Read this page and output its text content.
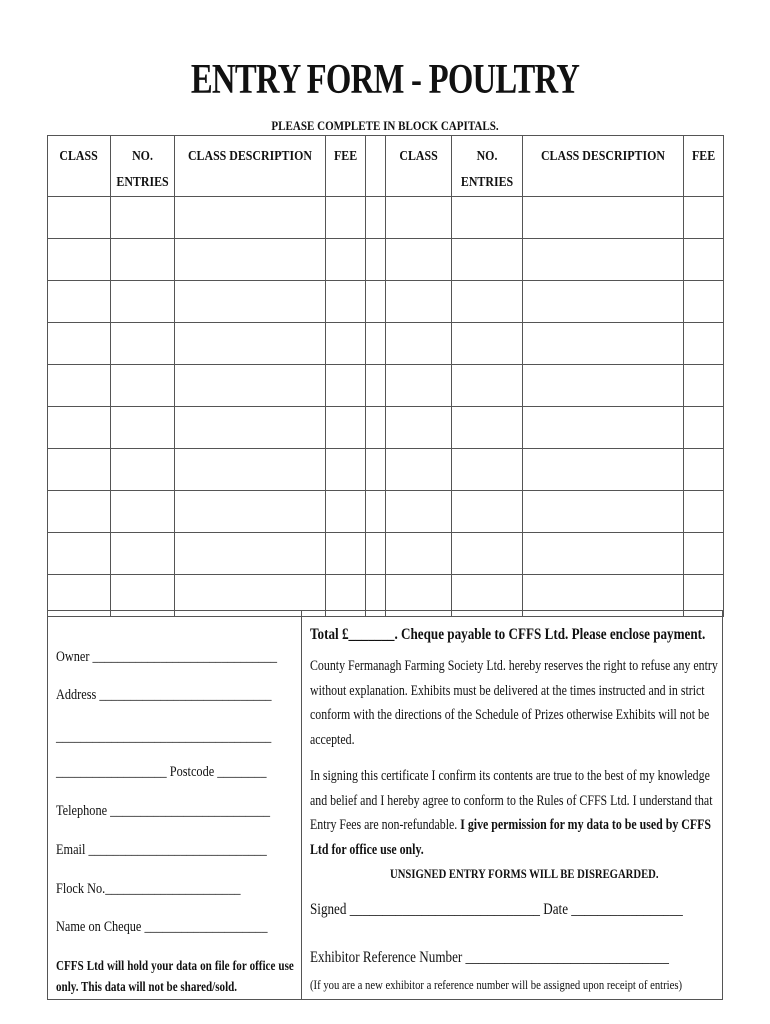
ENTRY FORM - POULTRY
PLEASE COMPLETE IN BLOCK CAPITALS.
CLASS	NO. ENTRIES	CLASS DESCRIPTION	FEE		CLASS	NO. ENTRIES	CLASS DESCRIPTION	FEE

Owner ______________________________
Address ____________________________
___________________________________
__________________ Postcode ________
Telephone __________________________
Email _____________________________
Flock No.______________________
Name on Cheque ____________________
CFFS Ltd will hold your data on file for office use only. This data will not be shared/sold.
Total £_______. Cheque payable to CFFS Ltd. Please enclose payment.
County Fermanagh Farming Society Ltd. hereby reserves the right to refuse any entry without explanation. Exhibits must be delivered at the times instructed and in strict conform with the directions of the Schedule of Prizes otherwise Exhibits will not be accepted.
In signing this certificate I confirm its contents are true to the best of my knowledge and belief and I hereby agree to conform to the Rules of CFFS Ltd. I understand that Entry Fees are non-refundable. I give permission for my data to be used by CFFS Ltd for office use only.
UNSIGNED ENTRY FORMS WILL BE DISREGARDED.
Signed _____________________________ Date _________________
Exhibitor Reference Number _______________________________
(If you are a new exhibitor a reference number will be assigned upon receipt of entries)
